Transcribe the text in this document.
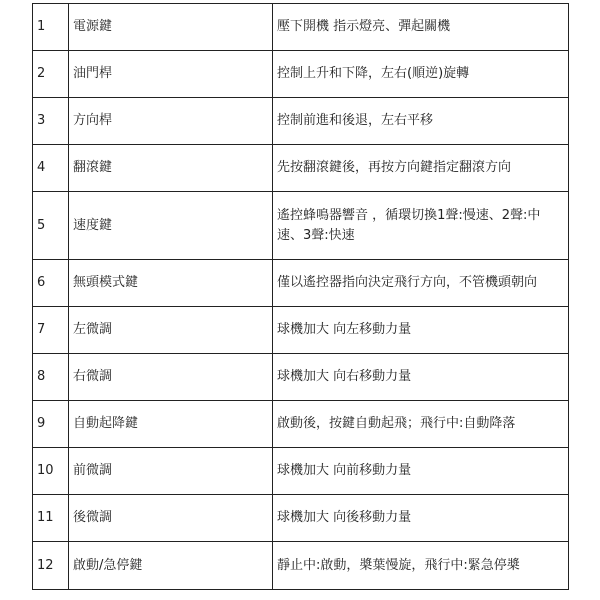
1	電源鍵	壓下開機 指示燈亮、彈起關機
2	油門桿	控制上升和下降，左右(順逆)旋轉
3	方向桿	控制前進和後退，左右平移
4	翻滾鍵	先按翻滾鍵後，再按方向鍵指定翻滾方向
5	速度鍵	遙控蜂鳴器響音 ，循環切換1聲:慢速、2聲:中速、3聲:快速
6	無頭模式鍵	僅以遙控器指向決定飛行方向，不管機頭朝向
7	左微調	球機加大 向左移動力量
8	右微調	球機加大 向右移動力量
9	自動起降鍵	啟動後，按鍵自動起飛；飛行中:自動降落
10	前微調	球機加大 向前移動力量
11	後微調	球機加大 向後移動力量
12	啟動/急停鍵	靜止中:啟動，槳葉慢旋，飛行中:緊急停槳
